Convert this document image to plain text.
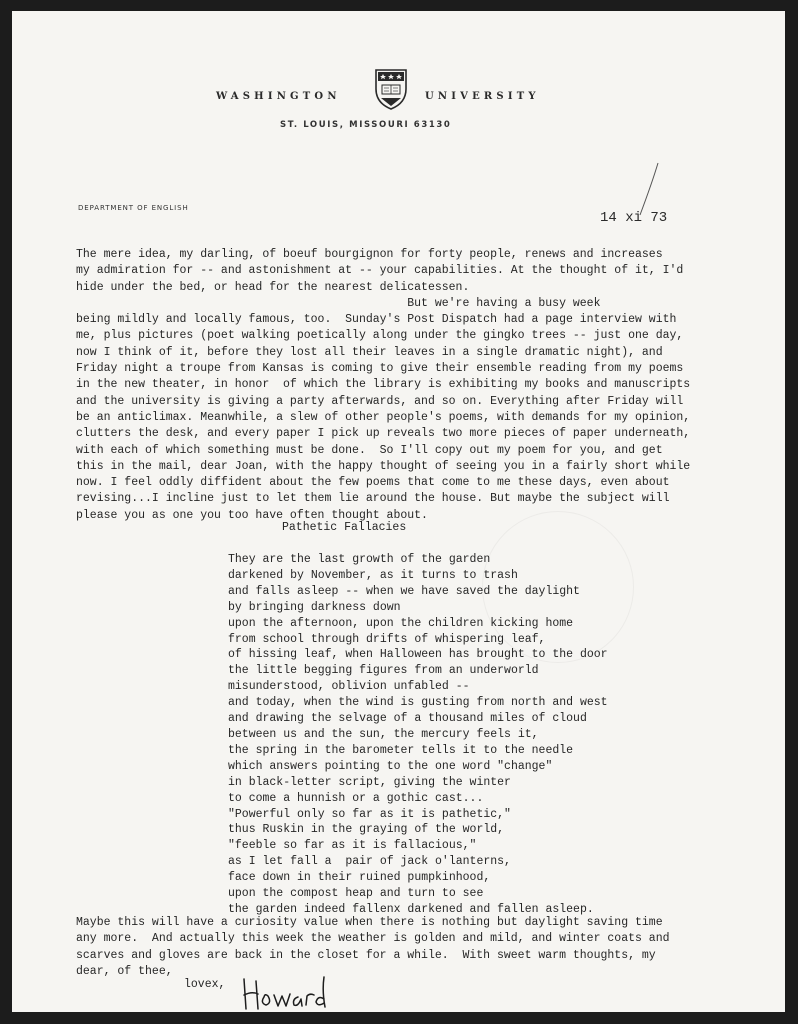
WASHINGTON	UNIVERSITY
ST. LOUIS, MISSOURI 63130
DEPARTMENT OF ENGLISH
14 xi 73
The mere idea, my darling, of boeuf bourgignon for forty people, renews and increases
my admiration for -- and astonishment at -- your capabilities. At the thought of it, I'd
hide under the bed, or head for the nearest delicatessen.
But we're having a busy week
being mildly and locally famous, too.  Sunday's Post Dispatch had a page interview with
me, plus pictures (poet walking poetically along under the gingko trees -- just one day,
now I think of it, before they lost all their leaves in a single dramatic night), and
Friday night a troupe from Kansas is coming to give their ensemble reading from my poems
in the new theater, in honor  of which the library is exhibiting my books and manuscripts
and the university is giving a party afterwards, and so on. Everything after Friday will
be an anticlimax. Meanwhile, a slew of other people's poems, with demands for my opinion,
clutters the desk, and every paper I pick up reveals two more pieces of paper underneath,
with each of which something must be done.  So I'll copy out my poem for you, and get
this in the mail, dear Joan, with the happy thought of seeing you in a fairly short while
now. I feel oddly diffident about the few poems that come to me these days, even about
revising...I incline just to let them lie around the house. But maybe the subject will
please you as one you too have often thought about.
Pathetic Fallacies
They are the last growth of the garden
darkened by November, as it turns to trash
and falls asleep -- when we have saved the daylight
by bringing darkness down
upon the afternoon, upon the children kicking home
from school through drifts of whispering leaf,
of hissing leaf, when Halloween has brought to the door
the little begging figures from an underworld
misunderstood, oblivion unfabled --
and today, when the wind is gusting from north and west
and drawing the selvage of a thousand miles of cloud
between us and the sun, the mercury feels it,
the spring in the barometer tells it to the needle
which answers pointing to the one word "change"
in black-letter script, giving the winter
to come a hunnish or a gothic cast...
"Powerful only so far as it is pathetic,"
thus Ruskin in the graying of the world,
"feeble so far as it is fallacious,"
as I let fall a  pair of jack o'lanterns,
face down in their ruined pumpkinhood,
upon the compost heap and turn to see
the garden indeed fallenx darkened and fallen asleep.
Maybe this will have a curiosity value when there is nothing but daylight saving time
any more.  And actually this week the weather is golden and mild, and winter coats and
scarves and gloves are back in the closet for a while.  With sweet warm thoughts, my
dear, of thee,
lovex,
